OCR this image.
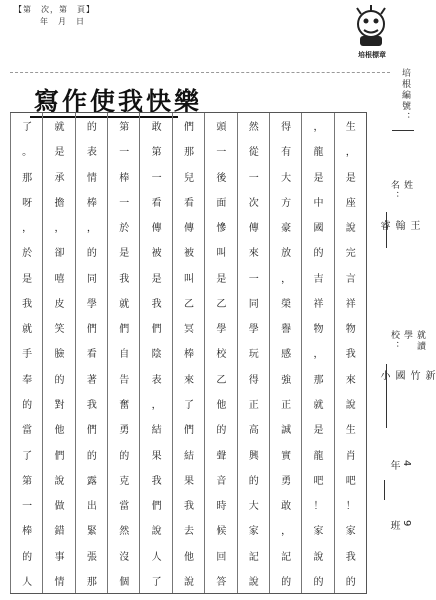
【第　次，第　頁】
年　月　日
培根標章
培根編號：
寫作使我快樂
生
，
是
座
說
完
言
祥
物
我
來
說
生
肖
吧
！
家
我
的
，
龍
是
中
國
的
吉
祥
物
，
那
就
是
龍
吧
！
家
說
的
得
有
大
方
豪
放
，
榮
譽
感
強
正
誠
實
勇
敢
，
記
的
然
從
一
次
傳
來
一
同
學
玩
得
正
高
興
的
大
家
記
說
頭
一
後
面
慘
叫
是
乙
學
校
乙
他
的
聲
音
時
候
回
答
們
那
兒
看
傳
被
叫
乙
冥
棒
來
了
們
結
果
我
去
他
說
敢
第
一
看
傳
被
是
我
們
陰
表
，
結
果
我
們
說
人
了
第
一
棒
一
於
是
我
就
們
自
告
奮
勇
的
克
當
然
沒
個
的
表
情
棒
，
的
同
學
們
看
著
我
們
的
露
出
緊
張
那
就
是
承
擔
，
卻
嘻
皮
笑
臉
的
對
他
們
說
做
錯
事
情
了
。
那
呀
，
於
是
我
就
手
奉
的
當
了
第
一
棒
的
人
姓名：
王翰睿
就讀學校：
新竹國小
4年
9班
